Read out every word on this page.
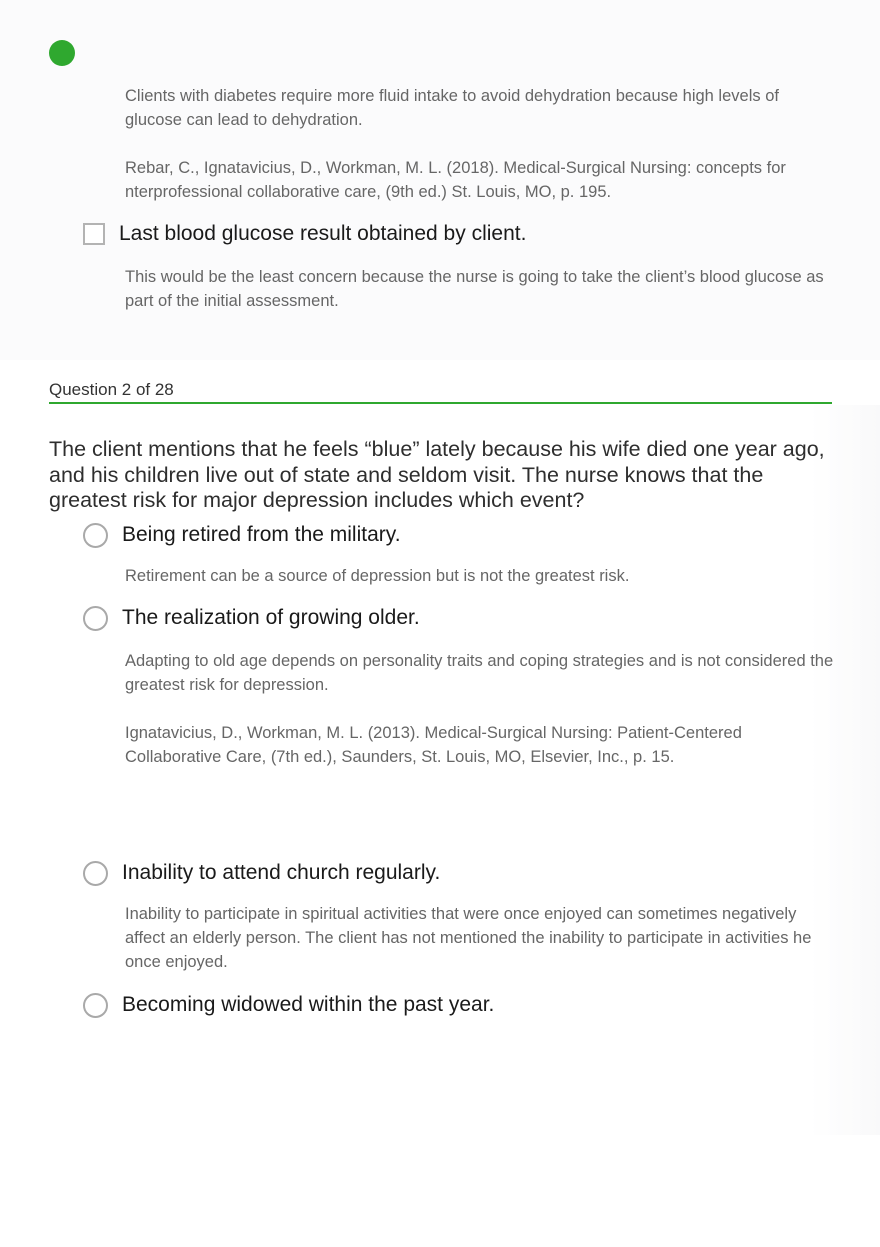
Clients with diabetes require more fluid intake to avoid dehydration because high levels of glucose can lead to dehydration.

Rebar, C., Ignatavicius, D., Workman, M. L. (2018). Medical-Surgical Nursing: concepts for nterprofessional collaborative care, (9th ed.) St. Louis, MO, p. 195.

Last blood glucose result obtained by client.

This would be the least concern because the nurse is going to take the client’s blood glucose as part of the initial assessment.

Question 2 of 28

The client mentions that he feels “blue” lately because his wife died one year ago, and his children live out of state and seldom visit. The nurse knows that the greatest risk for major depression includes which event?

Being retired from the military.

Retirement can be a source of depression but is not the greatest risk.

The realization of growing older.

Adapting to old age depends on personality traits and coping strategies and is not considered the greatest risk for depression.

Ignatavicius, D., Workman, M. L. (2013). Medical-Surgical Nursing: Patient-Centered Collaborative Care, (7th ed.), Saunders, St. Louis, MO, Elsevier, Inc., p. 15.

Inability to attend church regularly.

Inability to participate in spiritual activities that were once enjoyed can sometimes negatively affect an elderly person. The client has not mentioned the inability to participate in activities he once enjoyed.

Becoming widowed within the past year.
